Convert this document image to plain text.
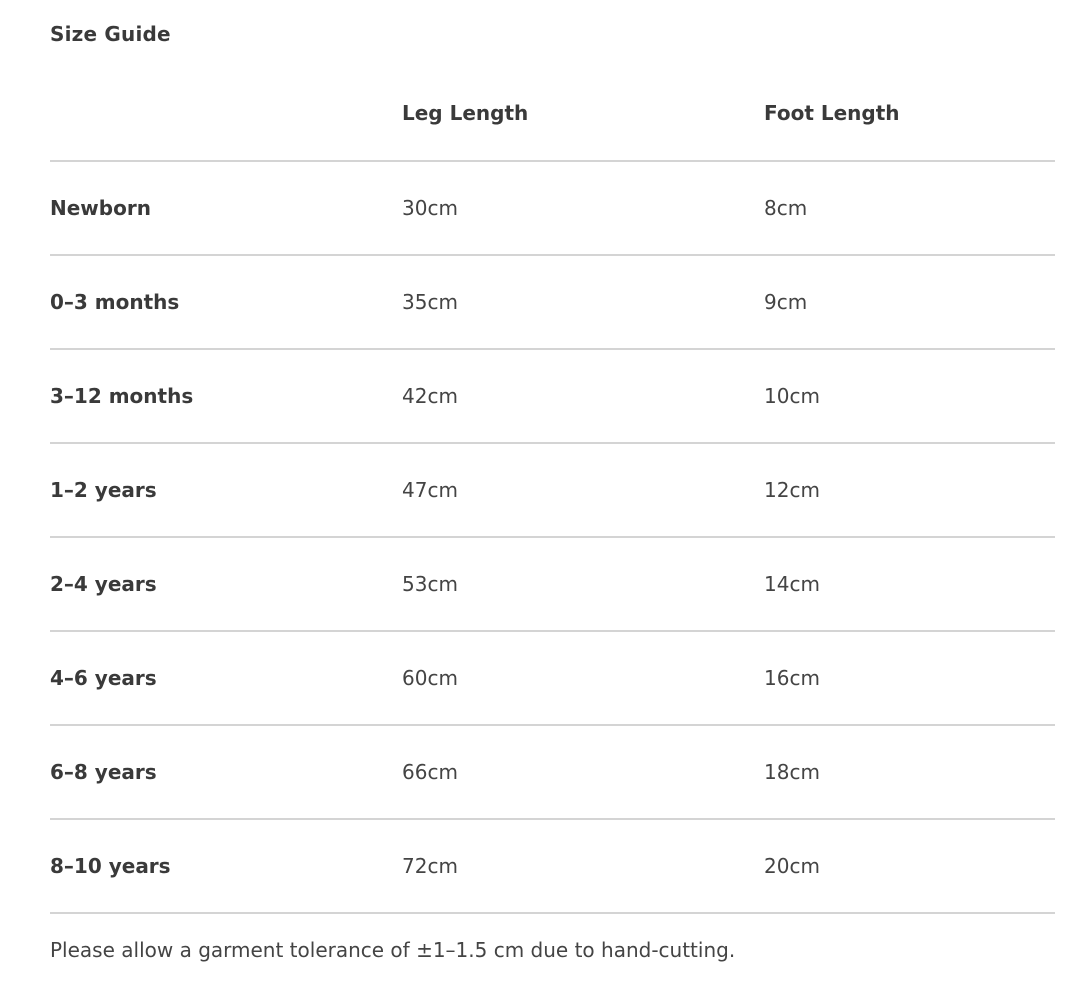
Size Guide
	Leg Length	Foot Length
Newborn	30cm	8cm
0–3 months	35cm	9cm
3–12 months	42cm	10cm
1–2 years	47cm	12cm
2–4 years	53cm	14cm
4–6 years	60cm	16cm
6–8 years	66cm	18cm
8–10 years	72cm	20cm
Please allow a garment tolerance of ±1–1.5 cm due to hand-cutting.
